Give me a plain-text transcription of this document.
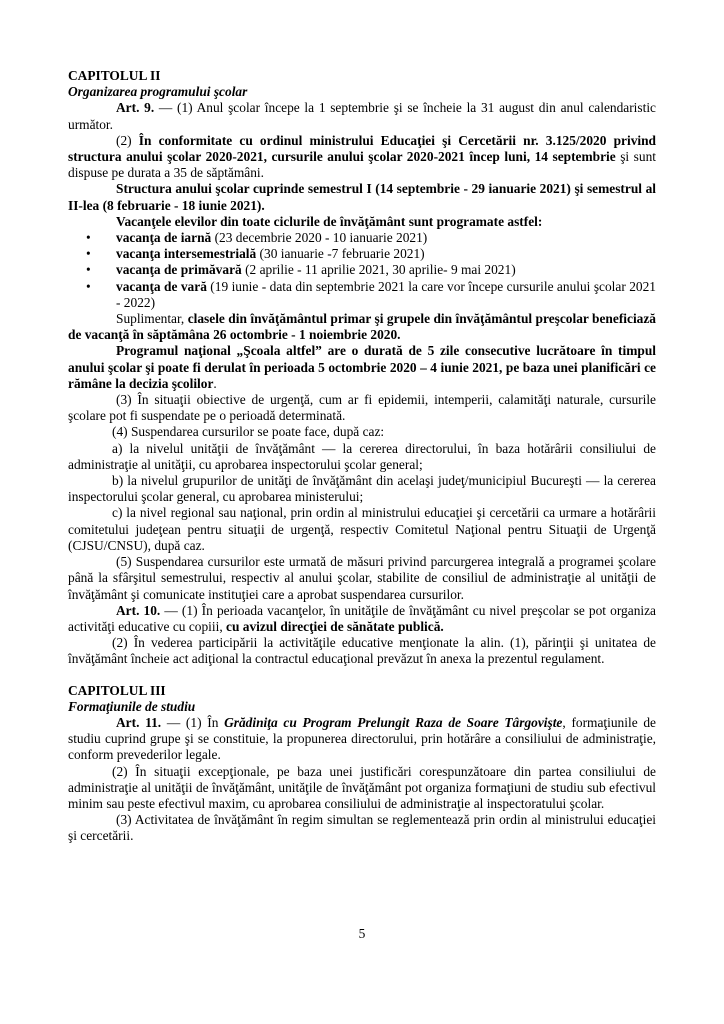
CAPITOLUL II

Organizarea programului şcolar

Art. 9. — (1) Anul şcolar începe la 1 septembrie şi se încheie la 31 august din anul calendaristic următor.

(2) În conformitate cu ordinul ministrului Educaţiei şi Cercetării nr. 3.125/2020 privind structura anului şcolar 2020-2021, cursurile anului şcolar 2020-2021 încep luni, 14 septembrie şi sunt dispuse pe durata a 35 de săptămâni.

Structura anului şcolar cuprinde semestrul I (14 septembrie - 29 ianuarie 2021) şi semestrul al II-lea (8 februarie - 18 iunie 2021).

Vacanţele elevilor din toate ciclurile de învăţământ sunt programate astfel:

• vacanţa de iarnă (23 decembrie 2020 - 10 ianuarie 2021)
• vacanţa intersemestrială (30 ianuarie -7 februarie 2021)
• vacanţa de primăvară (2 aprilie - 11 aprilie 2021, 30 aprilie- 9 mai 2021)
• vacanţa de vară (19 iunie - data din septembrie 2021 la care vor începe cursurile anului şcolar 2021 - 2022)

Suplimentar, clasele din învăţământul primar şi grupele din învăţământul preşcolar beneficiază de vacanţă în săptămâna 26 octombrie - 1 noiembrie 2020.

Programul naţional „Şcoala altfel” are o durată de 5 zile consecutive lucrătoare în timpul anului şcolar şi poate fi derulat în perioada 5 octombrie 2020 – 4 iunie 2021, pe baza unei planificări ce rămâne la decizia şcolilor.

(3) În situaţii obiective de urgenţă, cum ar fi epidemii, intemperii, calamităţi naturale, cursurile şcolare pot fi suspendate pe o perioadă determinată.

(4) Suspendarea cursurilor se poate face, după caz:

a) la nivelul unităţii de învăţământ — la cererea directorului, în baza hotărârii consiliului de administraţie al unităţii, cu aprobarea inspectorului şcolar general;

b) la nivelul grupurilor de unităţi de învăţământ din acelaşi judeţ/municipiul Bucureşti — la cererea inspectorului şcolar general, cu aprobarea ministerului;

c) la nivel regional sau naţional, prin ordin al ministrului educaţiei şi cercetării ca urmare a hotărârii comitetului judeţean pentru situaţii de urgenţă, respectiv Comitetul Naţional pentru Situaţii de Urgenţă (CJSU/CNSU), după caz.

(5) Suspendarea cursurilor este urmată de măsuri privind parcurgerea integrală a programei şcolare până la sfârşitul semestrului, respectiv al anului şcolar, stabilite de consiliul de administraţie al unităţii de învăţământ şi comunicate instituţiei care a aprobat suspendarea cursurilor.

Art. 10. — (1) În perioada vacanţelor, în unităţile de învăţământ cu nivel preşcolar se pot organiza activităţi educative cu copiii, cu avizul direcţiei de sănătate publică.

(2) În vederea participării la activităţile educative menţionate la alin. (1), părinţii şi unitatea de învăţământ încheie act adiţional la contractul educaţional prevăzut în anexa la prezentul regulament.

CAPITOLUL III

Formaţiunile de studiu

Art. 11. — (1) În Grădiniţa cu Program Prelungit Raza de Soare Târgovişte, formaţiunile de studiu cuprind grupe şi se constituie, la propunerea directorului, prin hotărâre a consiliului de administraţie, conform prevederilor legale.

(2) În situaţii excepţionale, pe baza unei justificări corespunzătoare din partea consiliului de administraţie al unităţii de învăţământ, unităţile de învăţământ pot organiza formaţiuni de studiu sub efectivul minim sau peste efectivul maxim, cu aprobarea consiliului de administraţie al inspectoratului şcolar.

(3) Activitatea de învăţământ în regim simultan se reglementează prin ordin al ministrului educaţiei şi cercetării.

5
